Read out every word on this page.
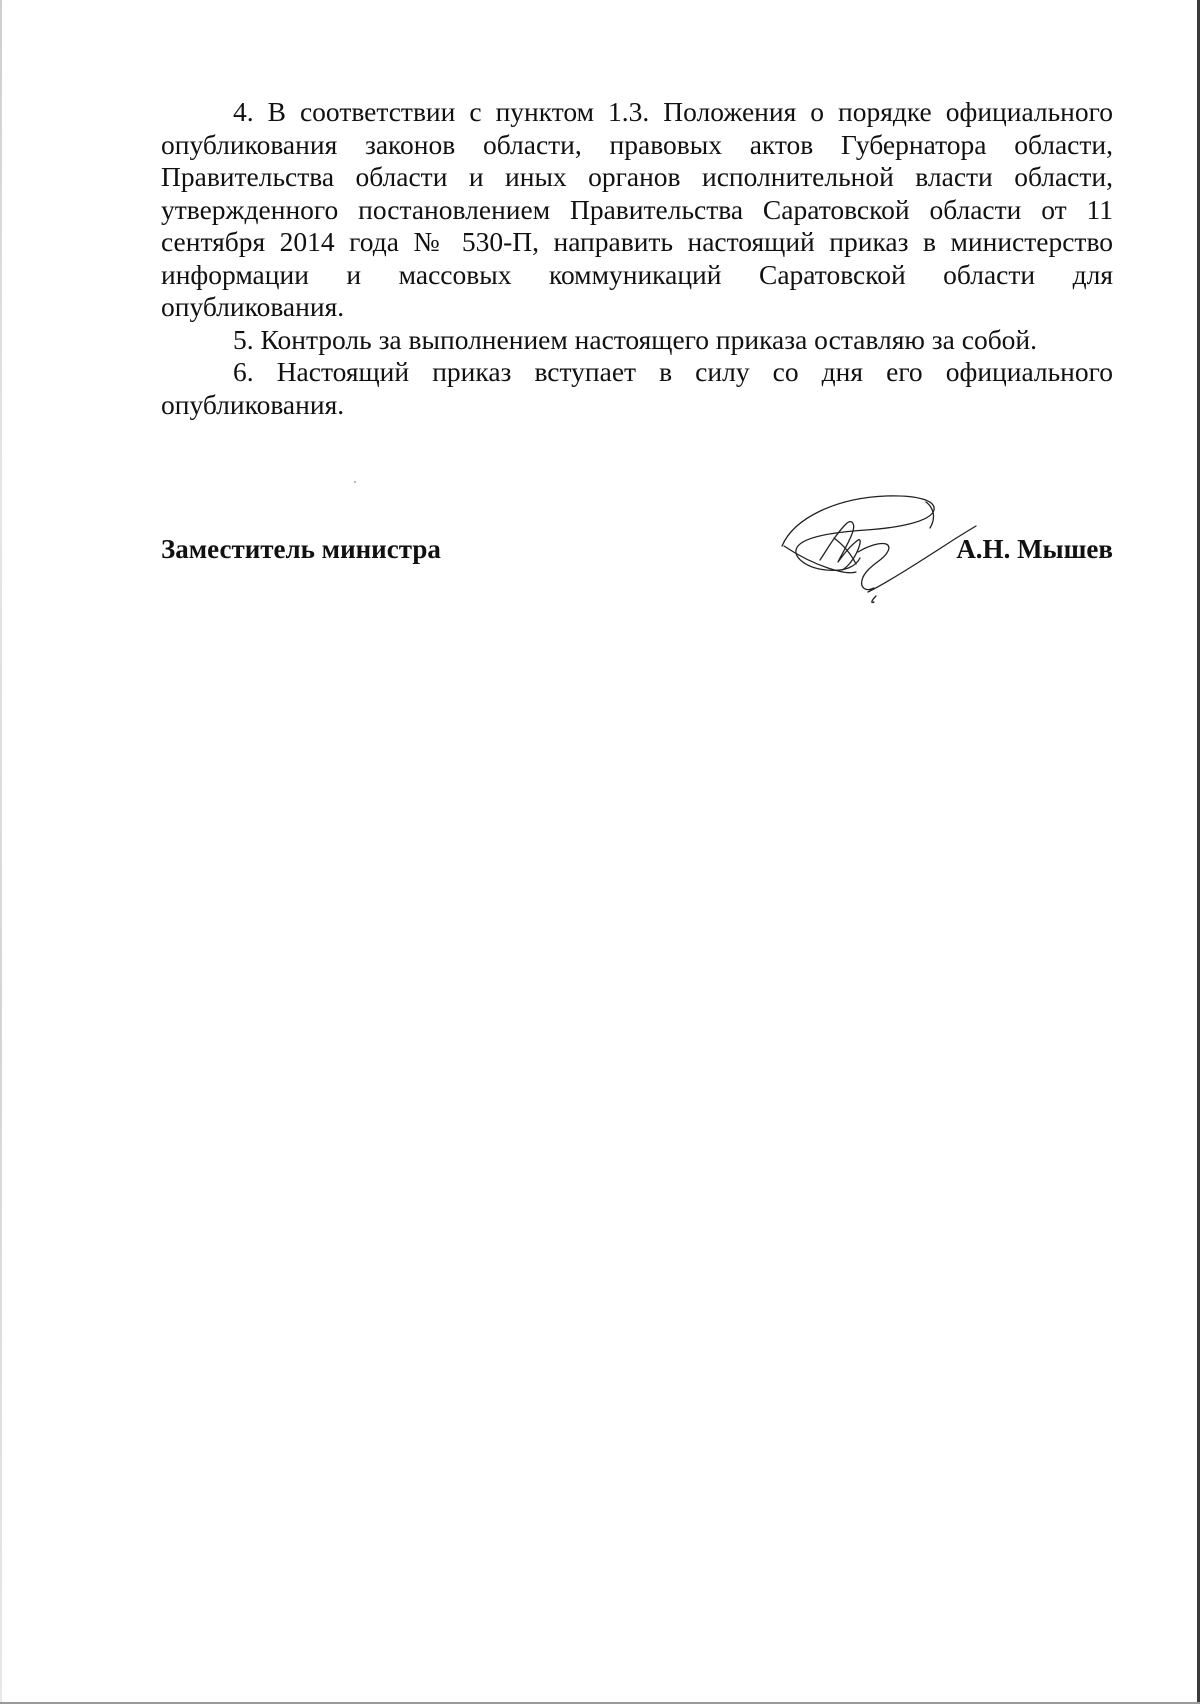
4. В соответствии с пунктом 1.3. Положения о порядке официального опубликования законов области, правовых актов Губернатора области, Правительства области и иных органов исполнительной власти области, утвержденного постановлением Правительства Саратовской области от 11 сентября 2014 года № 530-П, направить настоящий приказ в министерство информации и массовых коммуникаций Саратовской области для опубликования.

5. Контроль за выполнением настоящего приказа оставляю за собой.

6. Настоящий приказ вступает в силу со дня его официального опубликования.

Заместитель министра	А.Н. Мышев
